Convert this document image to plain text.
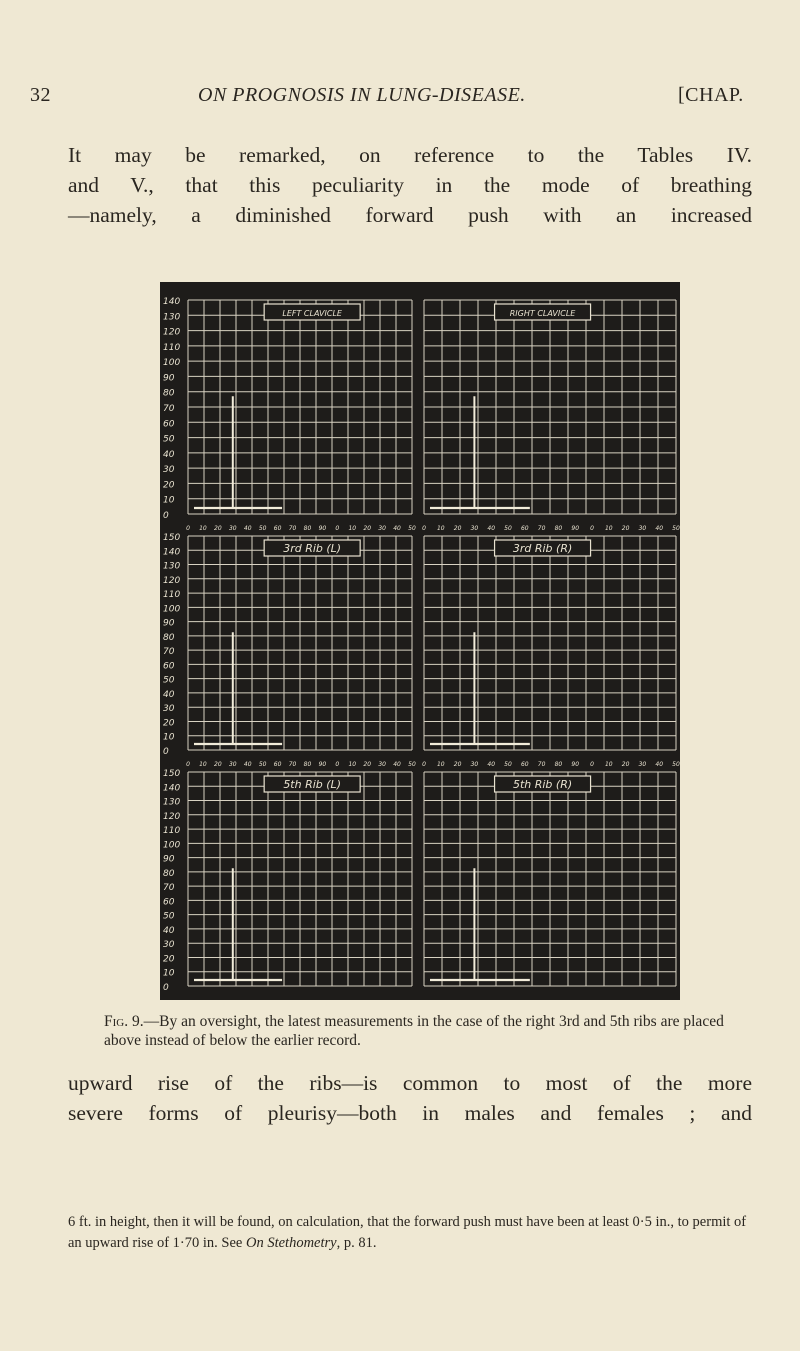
32	ON PROGNOSIS IN LUNG-DISEASE.	[CHAP.
It may be remarked, on reference to the Tables IV.
and V., that this peculiarity in the mode of breathing
—namely, a diminished forward push with an increased
140
130
120
110
100
90
80
70
60
50
40
30
20
10
0
LEFT CLAVICLE	RIGHT CLAVICLE
150
140
130
120
110
100
90
80
70
60
50
40
30
20
10
0
0 10 20 30 40 50 60 70 80 90 0 10 20 30 40 50
3rd Rib (L)
0 10 20 30 40 50 60 70 80 90 0 10 20 30 40 50
3rd Rib (R)
150
140
130
120
110
100
90
80
70
60
50
40
30
20
10
0
0 10 20 30 40 50 60 70 80 90 0 10 20 30 40 50
5th Rib (L)
0 10 20 30 40 50 60 70 80 90 0 10 20 30 40 50
5th Rib (R)
Fig. 9.—By an oversight, the latest measurements in the case of the right 3rd and 5th ribs are placed above instead of below the earlier record.
upward rise of the ribs—is common to most of the more
severe forms of pleurisy—both in males and females ; and
6 ft. in height, then it will be found, on calculation, that the forward push must have been at least 0·5 in., to permit of an upward rise of 1·70 in. See On Stethometry, p. 81.
